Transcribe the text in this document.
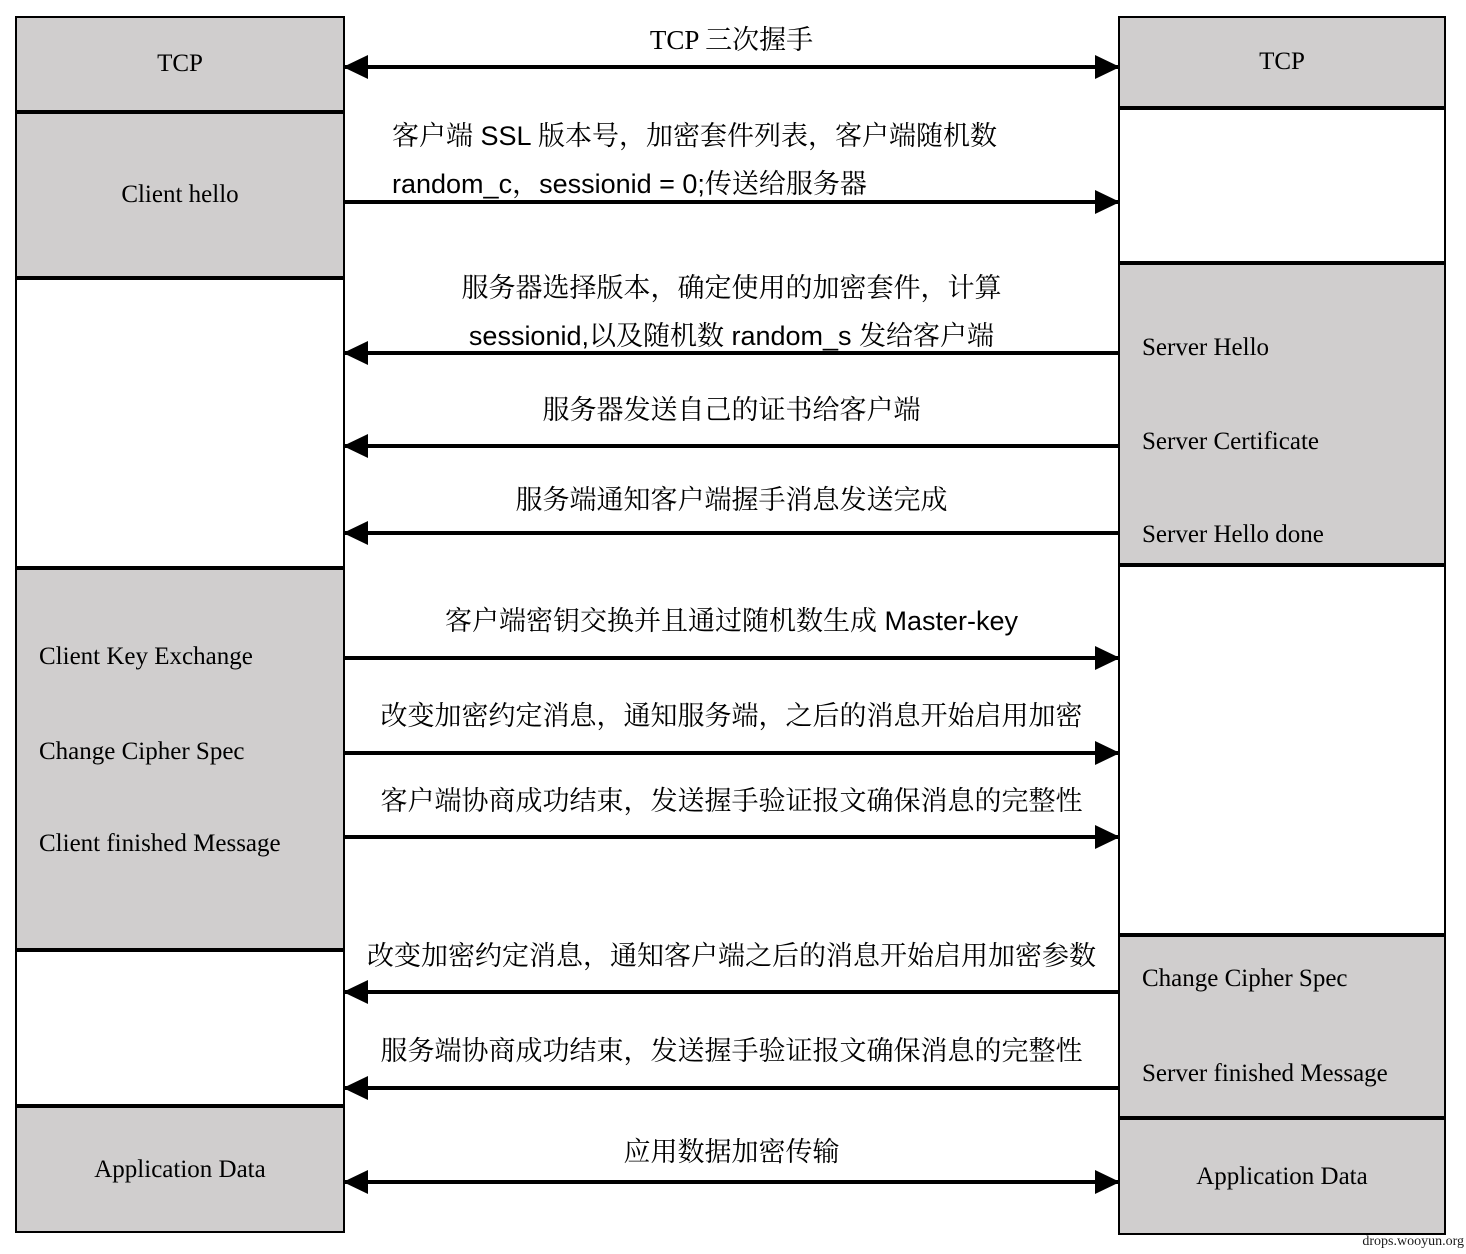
TCP
Client hello
Client Key Exchange
Change Cipher Spec
Client finished Message
Application Data
TCP
Server Hello
Server Certificate
Server Hello done
Change Cipher Spec
Server finished Message
Application Data
TCP 三次握手
客户端 SSL 版本号，加密套件列表，客户端随机数
random_c，sessionid = 0;传送给服务器
服务器选择版本，确定使用的加密套件，计算
sessionid,以及随机数 random_s 发给客户端
服务器发送自己的证书给客户端
服务端通知客户端握手消息发送完成
客户端密钥交换并且通过随机数生成 Master-key
改变加密约定消息，通知服务端，之后的消息开始启用加密
客户端协商成功结束，发送握手验证报文确保消息的完整性
改变加密约定消息，通知客户端之后的消息开始启用加密参数
服务端协商成功结束，发送握手验证报文确保消息的完整性
应用数据加密传输
drops.wooyun.org
